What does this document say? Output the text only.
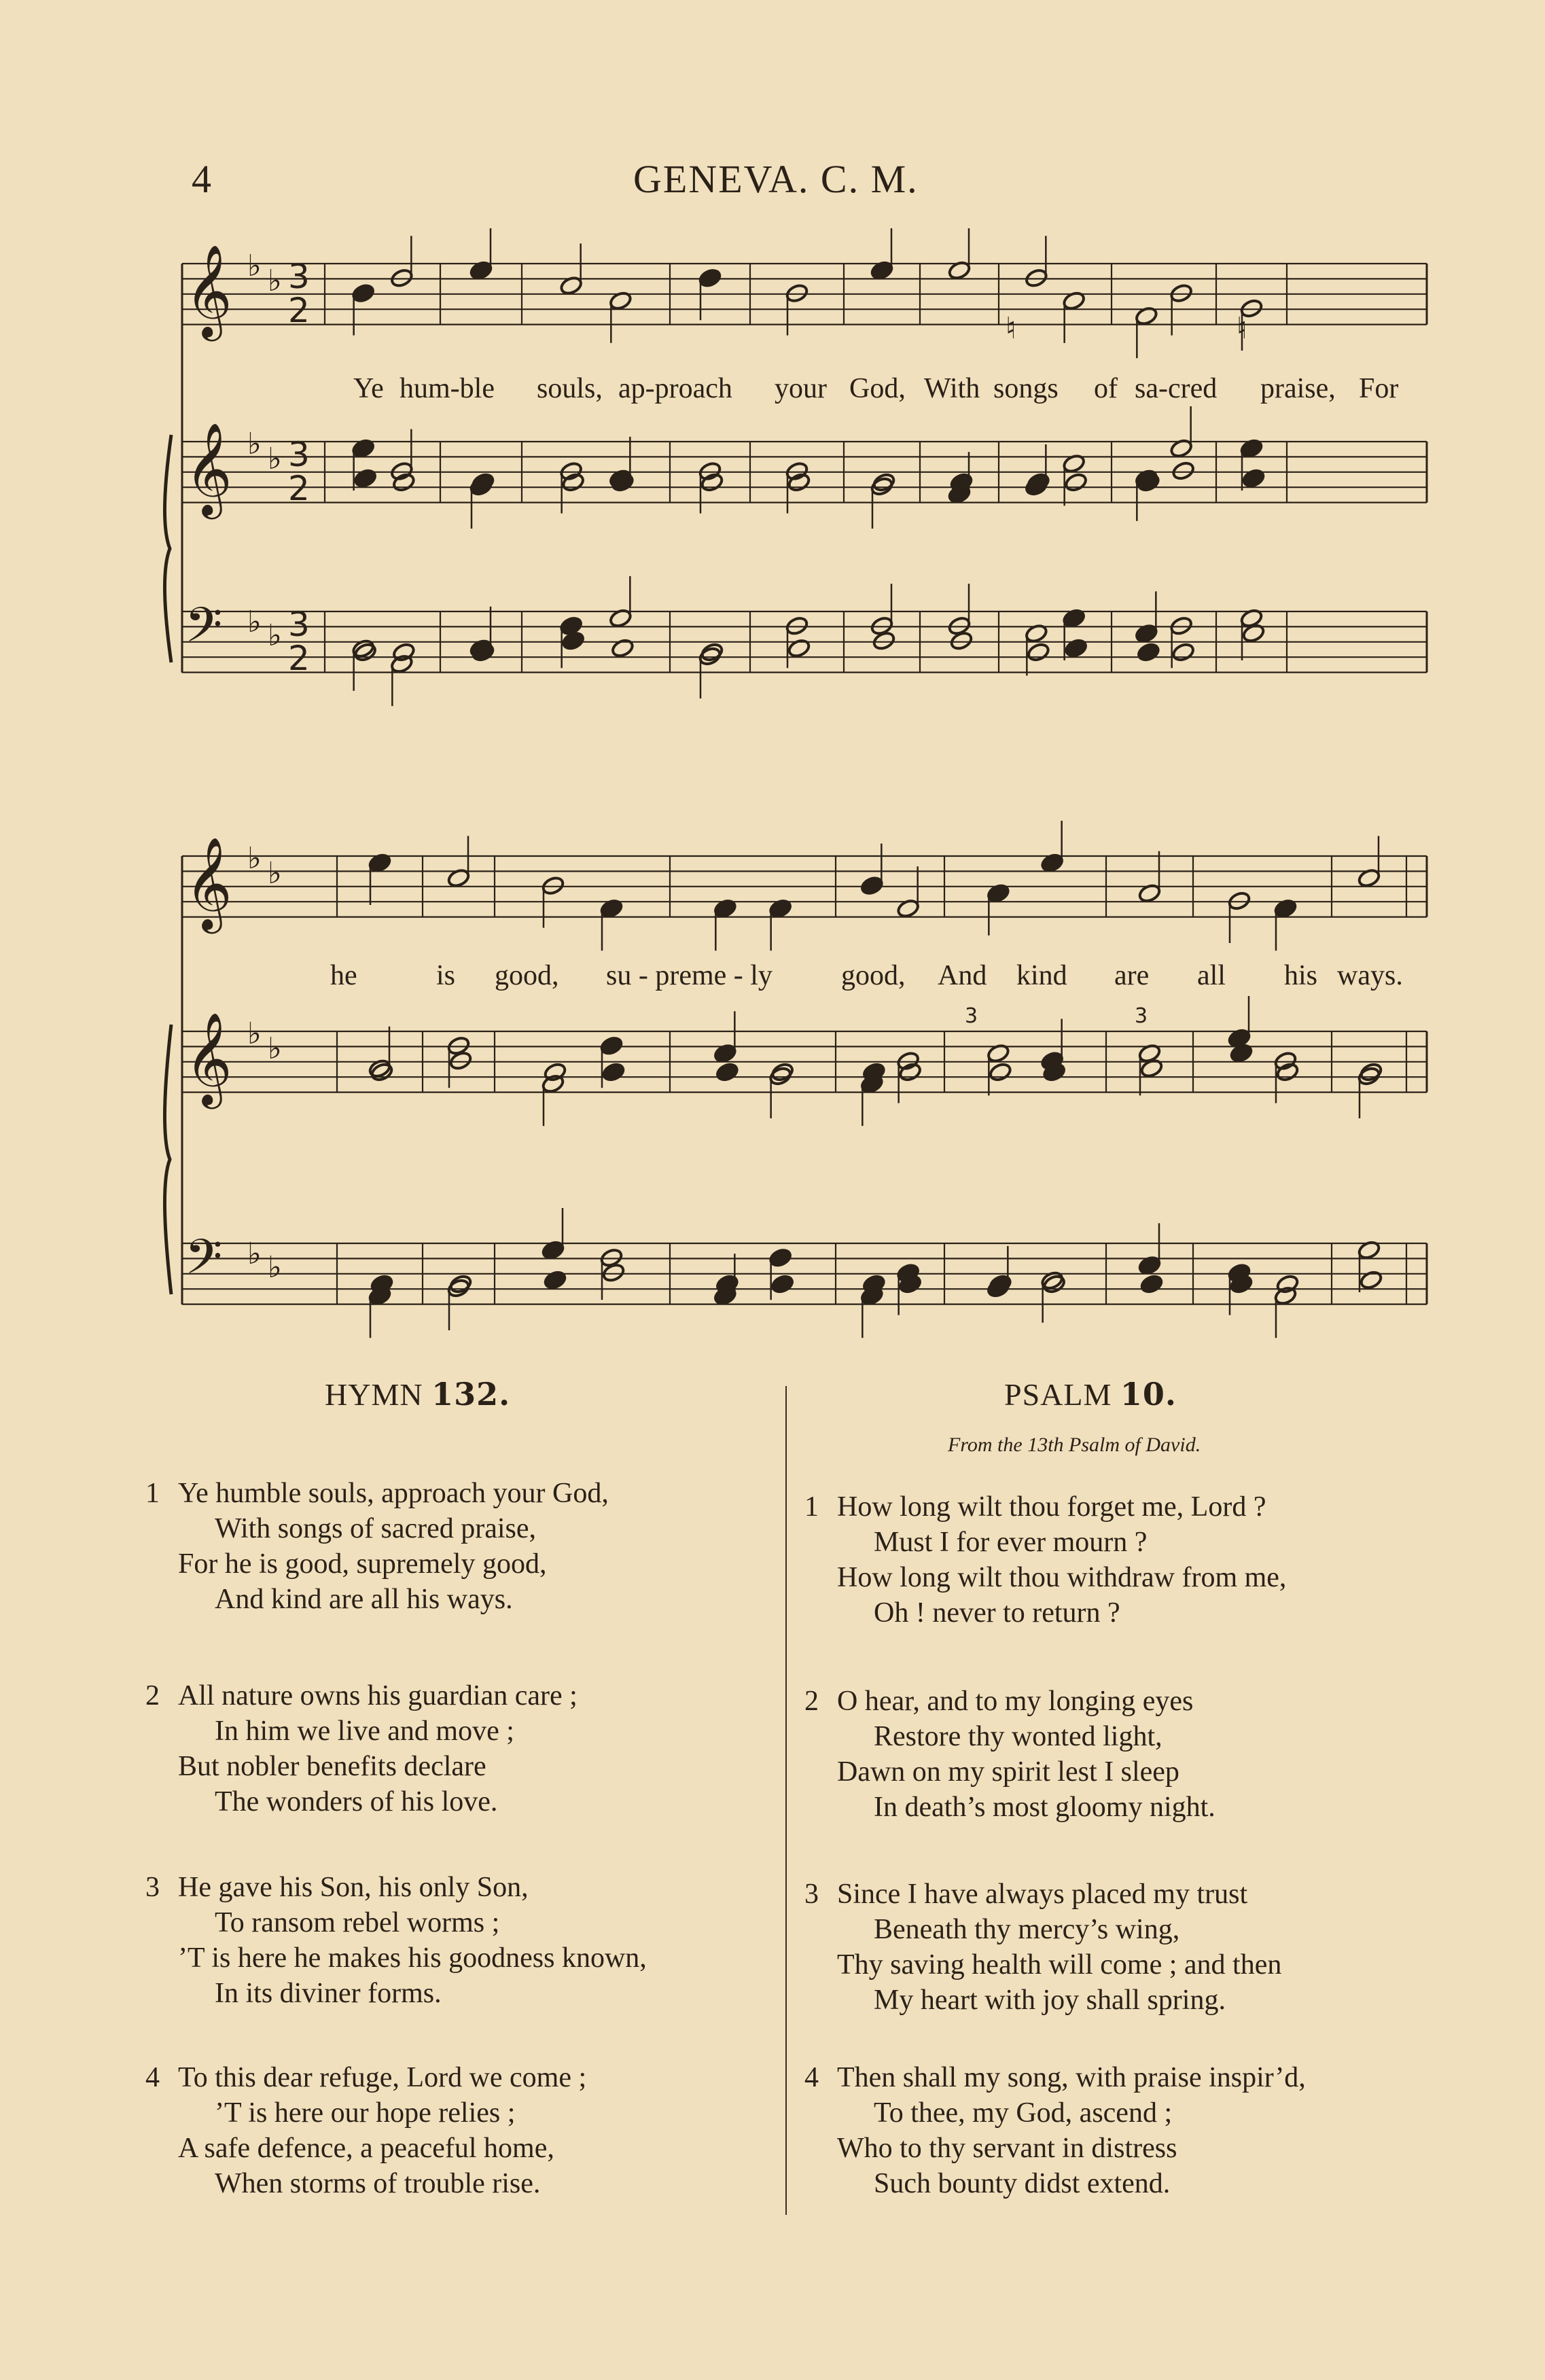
4	GENEVA. C. M.
𝄞 ♭ ♭ 3
2
𝄞 ♭ ♭ 3
2
𝄢 ♭ ♭ 3
2
𝄞 ♭ ♭
𝄞 ♭ ♭
𝄢 ♭ ♭
3	3
♮	♮
Ye hum-ble souls, ap-proach your God, With songs of sa-cred praise, For
he	is good, su - preme - ly good, And kind are all his ways.
HYMN 132.	PSALM 10.
From the 13th Psalm of David.
1 Ye humble souls, approach your God,
With songs of sacred praise,
For he is good, supremely good,
And kind are all his ways.
2 All nature owns his guardian care ;
In him we live and move ;
But nobler benefits declare
The wonders of his love.
3 He gave his Son, his only Son,
To ransom rebel worms ;
’T is here he makes his goodness known,
In its diviner forms.
4 To this dear refuge, Lord we come ;
’T is here our hope relies ;
A safe defence, a peaceful home,
When storms of trouble rise.
1 How long wilt thou forget me, Lord ?
Must I for ever mourn ?
How long wilt thou withdraw from me,
Oh ! never to return ?
2 O hear, and to my longing eyes
Restore thy wonted light,
Dawn on my spirit lest I sleep
In death’s most gloomy night.
3 Since I have always placed my trust
Beneath thy mercy’s wing,
Thy saving health will come ; and then
My heart with joy shall spring.
4 Then shall my song, with praise inspir’d,
To thee, my God, ascend ;
Who to thy servant in distress
Such bounty didst extend.
